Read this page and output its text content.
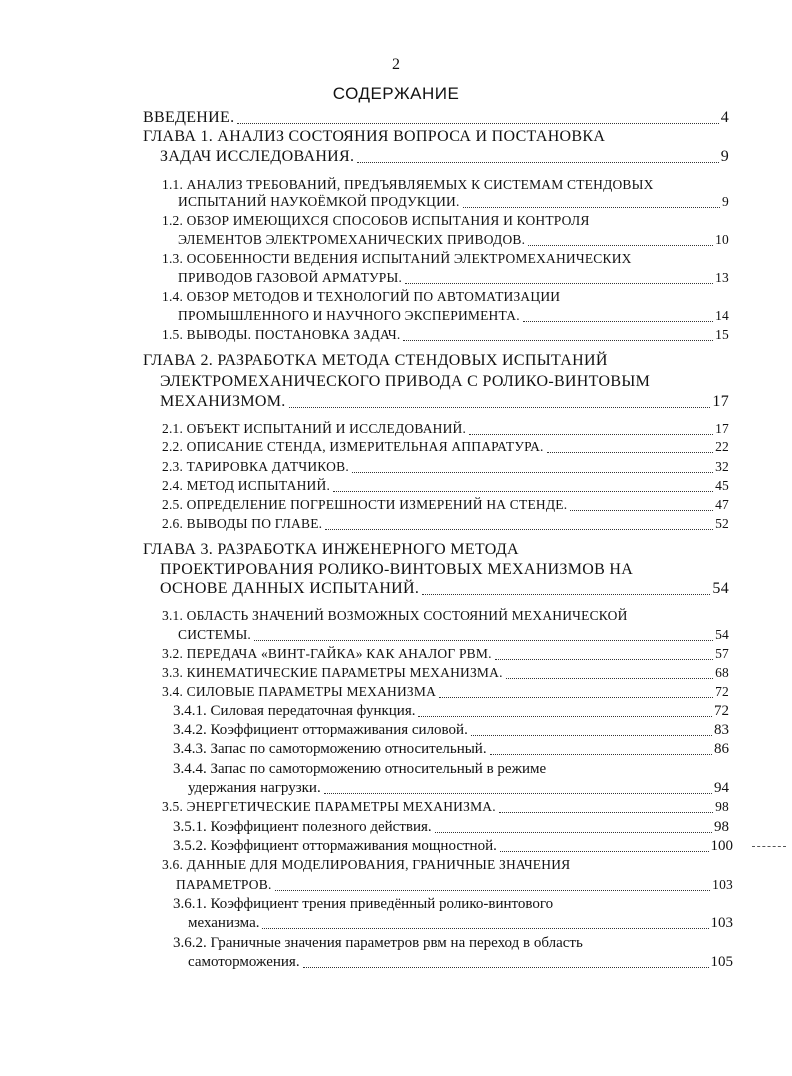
2
СОДЕРЖАНИЕ
ВВЕДЕНИЕ.	4
ГЛАВА 1. АНАЛИЗ СОСТОЯНИЯ ВОПРОСА И ПОСТАНОВКА
ЗАДАЧ ИССЛЕДОВАНИЯ.	9
1.1. АНАЛИЗ ТРЕБОВАНИЙ, ПРЕДЪЯВЛЯЕМЫХ К СИСТЕМАМ СТЕНДОВЫХ
ИСПЫТАНИЙ НАУКОЁМКОЙ ПРОДУКЦИИ.	9
1.2. ОБЗОР ИМЕЮЩИХСЯ СПОСОБОВ ИСПЫТАНИЯ И КОНТРОЛЯ
ЭЛЕМЕНТОВ ЭЛЕКТРОМЕХАНИЧЕСКИХ ПРИВОДОВ.	10
1.3. ОСОБЕННОСТИ ВЕДЕНИЯ ИСПЫТАНИЙ ЭЛЕКТРОМЕХАНИЧЕСКИХ
ПРИВОДОВ ГАЗОВОЙ АРМАТУРЫ.	13
1.4. ОБЗОР МЕТОДОВ И ТЕХНОЛОГИЙ ПО АВТОМАТИЗАЦИИ
ПРОМЫШЛЕННОГО И НАУЧНОГО ЭКСПЕРИМЕНТА.	14
1.5. ВЫВОДЫ. ПОСТАНОВКА ЗАДАЧ.	15
ГЛАВА 2. РАЗРАБОТКА МЕТОДА СТЕНДОВЫХ ИСПЫТАНИЙ
ЭЛЕКТРОМЕХАНИЧЕСКОГО ПРИВОДА С РОЛИКО-ВИНТОВЫМ
МЕХАНИЗМОМ.	17
2.1. ОБЪЕКТ ИСПЫТАНИЙ И ИССЛЕДОВАНИЙ.	17
2.2. ОПИСАНИЕ СТЕНДА, ИЗМЕРИТЕЛЬНАЯ АППАРАТУРА.	22
2.3. ТАРИРОВКА ДАТЧИКОВ.	32
2.4. МЕТОД ИСПЫТАНИЙ.	45
2.5. ОПРЕДЕЛЕНИЕ ПОГРЕШНОСТИ ИЗМЕРЕНИЙ НА СТЕНДЕ.	47
2.6. ВЫВОДЫ ПО ГЛАВЕ.	52
ГЛАВА 3. РАЗРАБОТКА ИНЖЕНЕРНОГО МЕТОДА
ПРОЕКТИРОВАНИЯ РОЛИКО-ВИНТОВЫХ МЕХАНИЗМОВ НА
ОСНОВЕ ДАННЫХ ИСПЫТАНИЙ.	54
3.1. ОБЛАСТЬ ЗНАЧЕНИЙ ВОЗМОЖНЫХ СОСТОЯНИЙ МЕХАНИЧЕСКОЙ
СИСТЕМЫ.	54
3.2. ПЕРЕДАЧА «ВИНТ-ГАЙКА» КАК АНАЛОГ РВМ.	57
3.3. КИНЕМАТИЧЕСКИЕ ПАРАМЕТРЫ МЕХАНИЗМА.	68
3.4. СИЛОВЫЕ ПАРАМЕТРЫ МЕХАНИЗМА	72
3.4.1. Силовая передаточная функция.	72
3.4.2. Коэффициент оттормаживания силовой.	83
3.4.3. Запас по самоторможению относительный.	86
3.4.4. Запас по самоторможению относительный в режиме
удержания нагрузки.	94
3.5. ЭНЕРГЕТИЧЕСКИЕ ПАРАМЕТРЫ МЕХАНИЗМА.	98
3.5.1. Коэффициент полезного действия.	98
3.5.2. Коэффициент оттормаживания мощностной.	100
3.6. ДАННЫЕ ДЛЯ МОДЕЛИРОВАНИЯ, ГРАНИЧНЫЕ ЗНАЧЕНИЯ
ПАРАМЕТРОВ.	103
3.6.1. Коэффициент трения приведённый ролико-винтового
механизма.	103
3.6.2. Граничные значения параметров рвм на переход в область
самоторможения.	105
